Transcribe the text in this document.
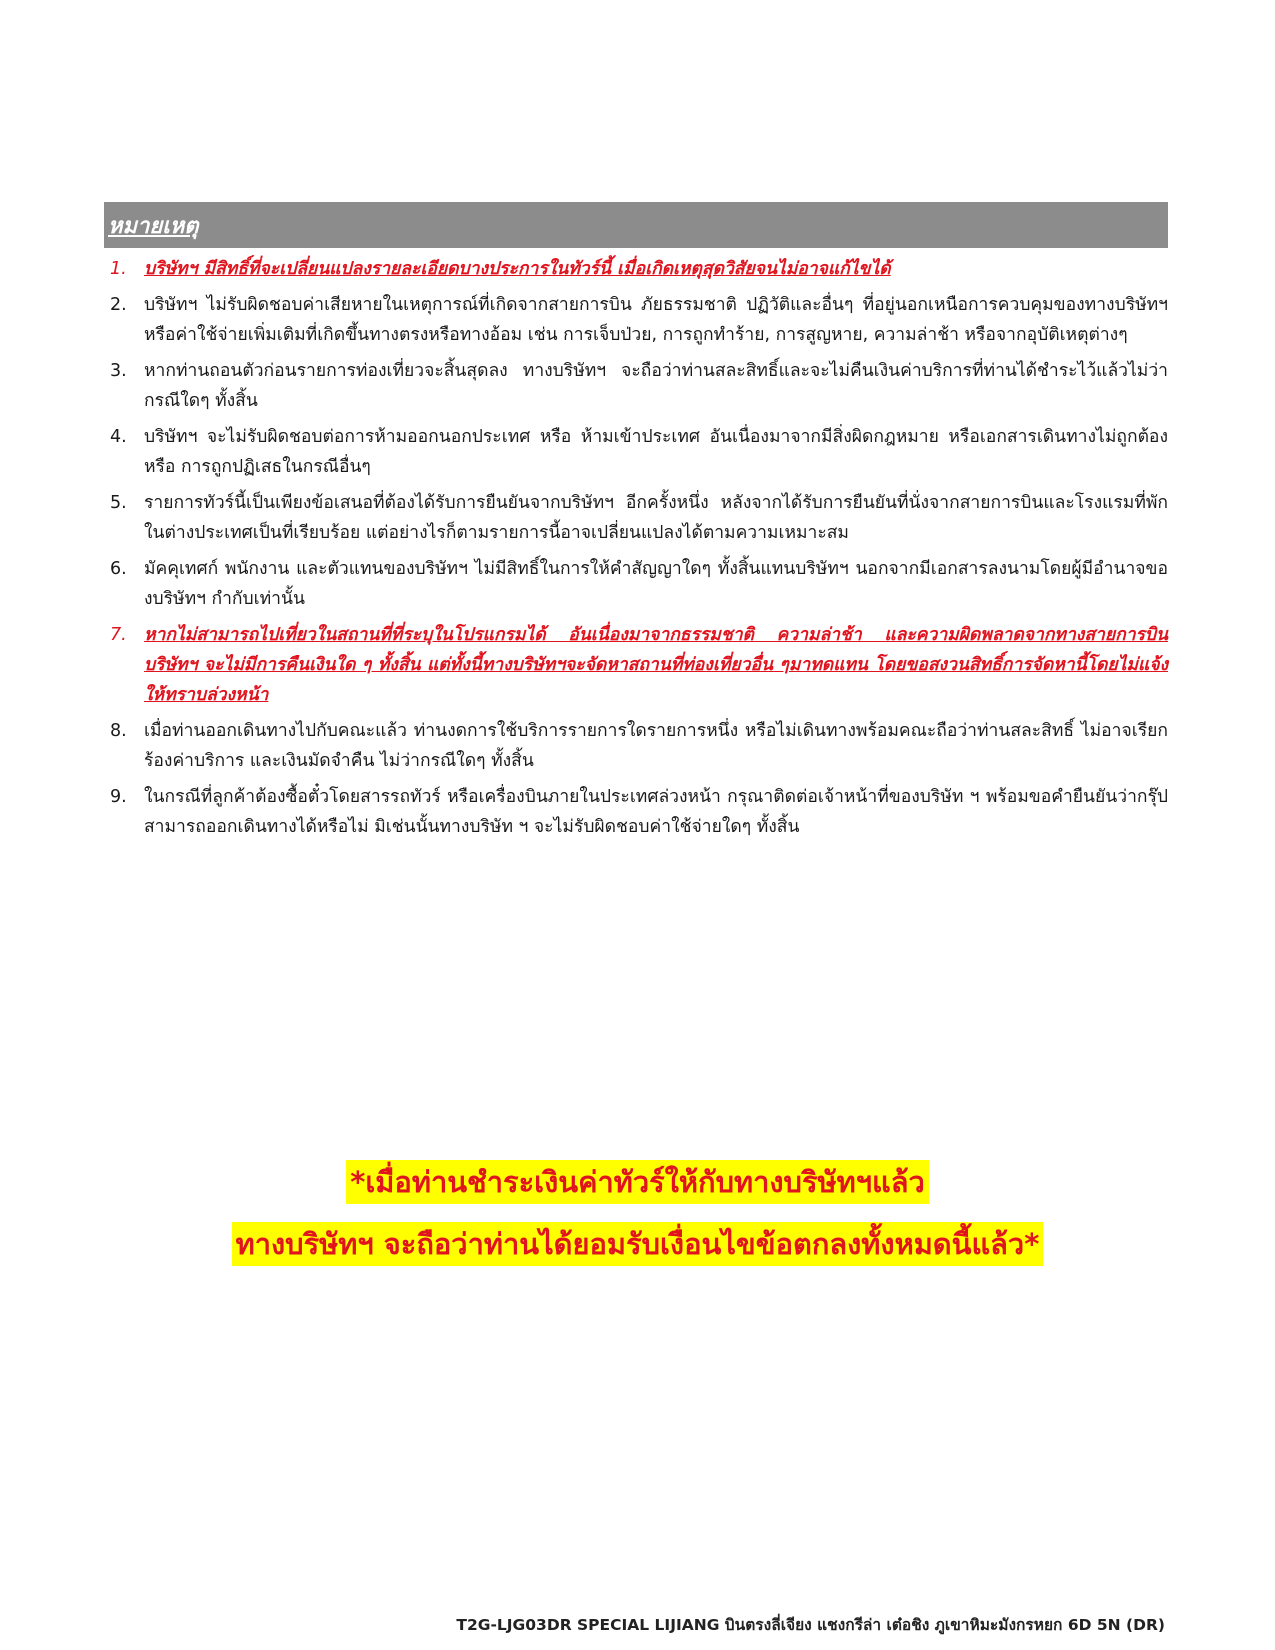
หมายเหตุ
1. บริษัทฯ มีสิทธิ์ที่จะเปลี่ยนแปลงรายละเอียดบางประการในทัวร์นี้ เมื่อเกิดเหตุสุดวิสัยจนไม่อาจแก้ไขได้
2. บริษัทฯ ไม่รับผิดชอบค่าเสียหายในเหตุการณ์ที่เกิดจากสายการบิน ภัยธรรมชาติ ปฏิวัติและอื่นๆ ที่อยู่นอกเหนือการควบคุมของทางบริษัทฯ หรือค่าใช้จ่ายเพิ่มเติมที่เกิดขึ้นทางตรงหรือทางอ้อม เช่น การเจ็บป่วย, การถูกทำร้าย, การสูญหาย, ความล่าช้า หรือจากอุบัติเหตุต่างๆ
3. หากท่านถอนตัวก่อนรายการท่องเที่ยวจะสิ้นสุดลง ทางบริษัทฯ จะถือว่าท่านสละสิทธิ์และจะไม่คืนเงินค่าบริการที่ท่านได้ชำระไว้แล้วไม่ว่ากรณีใดๆ ทั้งสิ้น
4. บริษัทฯ จะไม่รับผิดชอบต่อการห้ามออกนอกประเทศ หรือ ห้ามเข้าประเทศ อันเนื่องมาจากมีสิ่งผิดกฎหมาย หรือเอกสารเดินทางไม่ถูกต้อง หรือ การถูกปฏิเสธในกรณีอื่นๆ
5. รายการทัวร์นี้เป็นเพียงข้อเสนอที่ต้องได้รับการยืนยันจากบริษัทฯ อีกครั้งหนึ่ง หลังจากได้รับการยืนยันที่นั่งจากสายการบินและโรงแรมที่พักในต่างประเทศเป็นที่เรียบร้อย แต่อย่างไรก็ตามรายการนี้อาจเปลี่ยนแปลงได้ตามความเหมาะสม
6. มัคคุเทศก์ พนักงาน และตัวแทนของบริษัทฯ ไม่มีสิทธิ์ในการให้คำสัญญาใดๆ ทั้งสิ้นแทนบริษัทฯ นอกจากมีเอกสารลงนามโดยผู้มีอำนาจของบริษัทฯ กำกับเท่านั้น
7. หากไม่สามารถไปเที่ยวในสถานที่ที่ระบุในโปรแกรมได้ อันเนื่องมาจากธรรมชาติ ความล่าช้า และความผิดพลาดจากทางสายการบิน บริษัทฯ จะไม่มีการคืนเงินใด ๆ ทั้งสิ้น แต่ทั้งนี้ทางบริษัทฯจะจัดหาสถานที่ท่องเที่ยวอื่น ๆมาทดแทน โดยขอสงวนสิทธิ์การจัดหานี้โดยไม่แจ้งให้ทราบล่วงหน้า
8. เมื่อท่านออกเดินทางไปกับคณะแล้ว ท่านงดการใช้บริการรายการใดรายการหนึ่ง หรือไม่เดินทางพร้อมคณะถือว่าท่านสละสิทธิ์ ไม่อาจเรียกร้องค่าบริการ และเงินมัดจำคืน ไม่ว่ากรณีใดๆ ทั้งสิ้น
9. ในกรณีที่ลูกค้าต้องซื้อตั๋วโดยสารรถทัวร์ หรือเครื่องบินภายในประเทศล่วงหน้า กรุณาติดต่อเจ้าหน้าที่ของบริษัท ฯ พร้อมขอคำยืนยันว่ากรุ๊ปสามารถออกเดินทางได้หรือไม่ มิเช่นนั้นทางบริษัท ฯ จะไม่รับผิดชอบค่าใช้จ่ายใดๆ ทั้งสิ้น
*เมื่อท่านชำระเงินค่าทัวร์ให้กับทางบริษัทฯแล้ว
ทางบริษัทฯ จะถือว่าท่านได้ยอมรับเงื่อนไขข้อตกลงทั้งหมดนี้แล้ว*
T2G-LJG03DR SPECIAL LIJIANG บินตรงลี่เจียง แชงกรีล่า เต๋อชิง ภูเขาหิมะมังกรหยก 6D 5N (DR)
